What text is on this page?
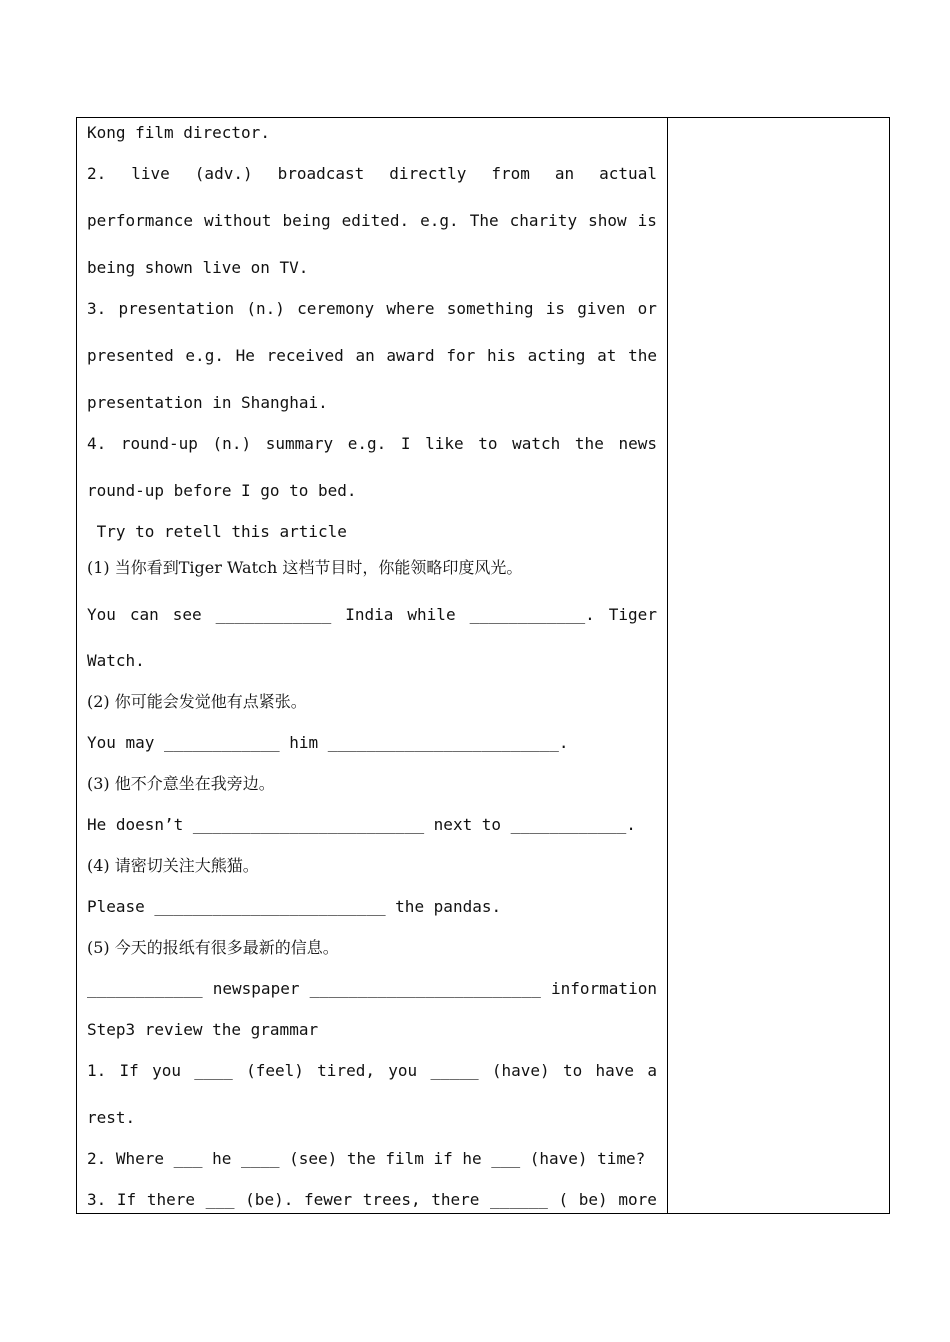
Kong film director.
2. live (adv.) broadcast directly from an actual
performance without being edited. e.g. The charity show is
being shown live on TV.
3. presentation (n.) ceremony where something is given or
presented e.g. He received an award for his acting at the
presentation in Shanghai.
4. round-up (n.) summary e.g. I like to watch the news
round-up before I go to bed.
Try to retell this article
(1) 当你看到Tiger Watch 这档节目时，你能领略印度风光。
You can see ____________ India while ____________. Tiger
Watch.
(2) 你可能会发觉他有点紧张。
You may ____________ him ________________________.
(3) 他不介意坐在我旁边。
He doesn’t ________________________ next to ____________.
(4) 请密切关注大熊猫。
Please ________________________ the pandas.
(5) 今天的报纸有很多最新的信息。
____________ newspaper ________________________ information
Step3 review the grammar
1. If you ____ (feel) tired, you _____ (have) to have a
rest.
2. Where ___ he ____ (see) the film if he ___ (have) time?
3. If there ___ (be). fewer trees, there ______ ( be) more
